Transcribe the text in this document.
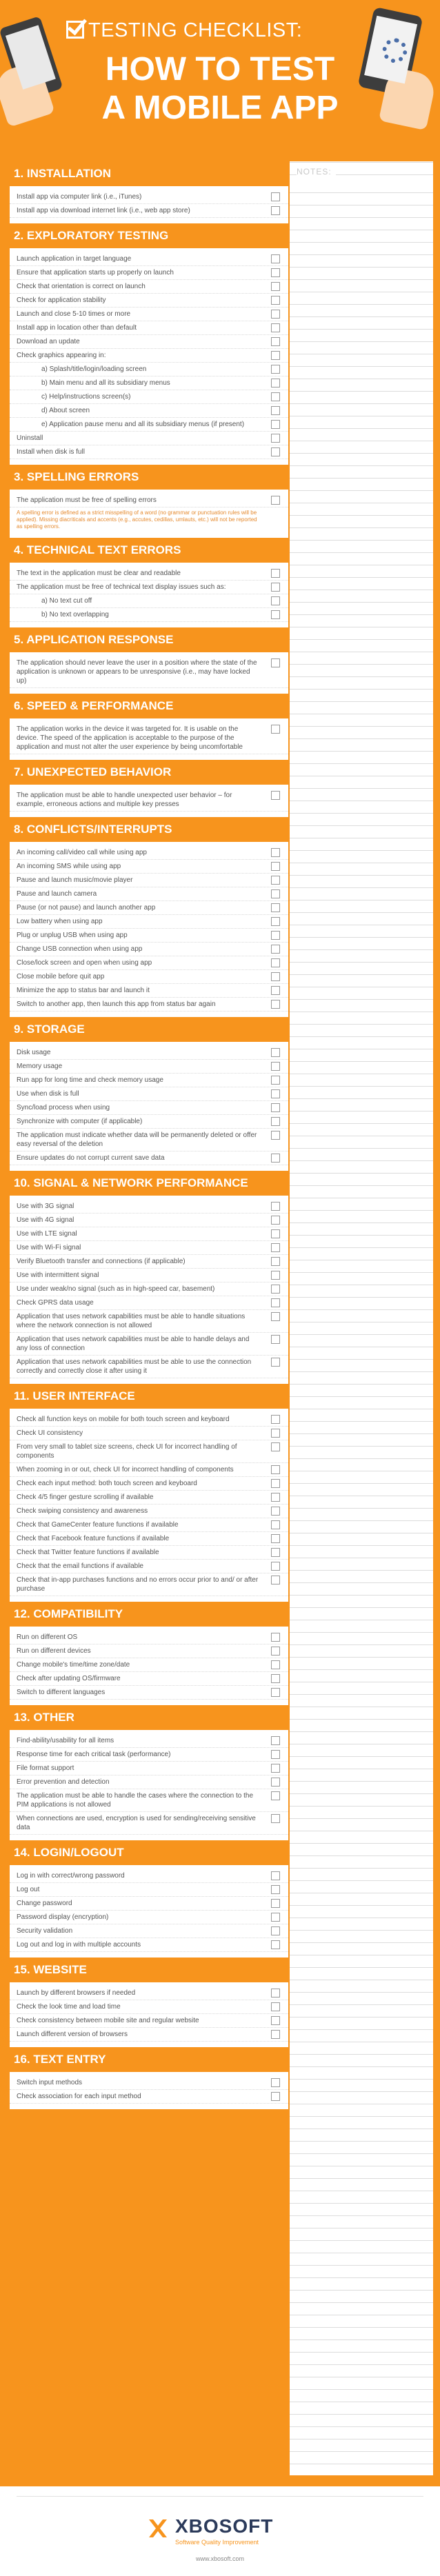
TESTING CHECKLIST:
HOW TO TEST
A MOBILE APP
1. INSTALLATION
Install app via computer link (i.e., iTunes)
Install app via download internet link (i.e., web app store)
2. EXPLORATORY TESTING
Launch application in target language
Ensure that application starts up properly on launch
Check that orientation is correct on launch
Check for application stability
Launch and close 5-10 times or more
Install app in location other than default
Download an update
Check graphics appearing in:
a) Splash/title/login/loading screen
b) Main menu and all its subsidiary menus
c) Help/instructions screen(s)
d) About screen
e) Application pause menu and all its subsidiary menus (if present)
Uninstall
Install when disk is full
3. SPELLING ERRORS
The application must be free of spelling errors
A spelling error is defined as a strict misspelling of a word (no grammar or punctuation rules will be applied). Missing diacriticals and accents (e.g., accutes, cedillas, umlauts, etc.) will not be reported as spelling errors.
4. TECHNICAL TEXT ERRORS
The text in the application must be clear and readable
The application must be free of technical text display issues such as:
a) No text cut off
b) No text overlapping
5. APPLICATION RESPONSE
The application should never leave the user in a position where the state of the application is unknown or appears to be unresponsive (i.e., may have locked up)
6. SPEED & PERFORMANCE
The application works in the device it was targeted for. It is usable on the device. The speed of the application is acceptable to the purpose of the application and must not alter the user experience by being uncomfortable
7. UNEXPECTED BEHAVIOR
The application must be able to handle unexpected user behavior – for example, erroneous actions and multiple key presses
8. CONFLICTS/INTERRUPTS
An incoming call/video call while using app
An incoming SMS while using app
Pause and launch music/movie player
Pause and launch camera
Pause (or not pause) and launch another app
Low battery when using app
Plug or unplug USB when using app
Change USB connection when using app
Close/lock screen and open when using app
Close mobile before quit app
Minimize the app to status bar and launch it
Switch to another app, then launch this app from status bar again
9. STORAGE
Disk usage
Memory usage
Run app for long time and check memory usage
Use when disk is full
Sync/load process when using
Synchronize with computer (if applicable)
The application must indicate whether data will be permanently deleted or offer easy reversal of the deletion
Ensure updates do not corrupt current save data
10. SIGNAL & NETWORK PERFORMANCE
Use with 3G signal
Use with 4G signal
Use with LTE signal
Use with Wi-Fi signal
Verify Bluetooth transfer and connections (if applicable)
Use with intermittent signal
Use under weak/no signal (such as in high-speed car, basement)
Check GPRS data usage
Application that uses network capabilities must be able to handle situations where the network connection is not allowed
Application that uses network capabilities must be able to handle delays and any loss of connection
Application that uses network capabilities must be able to use the connection correctly and correctly close it after using it
11. USER INTERFACE
Check all function keys on mobile for both touch screen and keyboard
Check UI consistency
From very small to tablet size screens, check UI for incorrect handling of components
When zooming in or out, check UI for incorrect handling of components
Check each input method: both touch screen and keyboard
Check 4/5 finger gesture scrolling if available
Check swiping consistency and awareness
Check that GameCenter feature functions if available
Check that Facebook feature functions if available
Check that Twitter feature functions if available
Check that the email functions if available
Check that in-app purchases functions and no errors occur prior to and/ or after purchase
12. COMPATIBILITY
Run on different OS
Run on different devices
Change mobile's time/time zone/date
Check after updating OS/firmware
Switch to different languages
13. OTHER
Find-ability/usability for all items
Response time for each critical task (performance)
File format support
Error prevention and detection
The application must be able to handle the cases where the connection to the PIM applications is not allowed
When connections are used, encryption is used for sending/receiving sensitive data
14. LOGIN/LOGOUT
Log in with correct/wrong password
Log out
Change password
Password display (encryption)
Security validation
Log out and log in with multiple accounts
15. WEBSITE
Launch by different browsers if needed
Check the look time and load time
Check consistency between mobile site and regular website
Launch different version of browsers
16. TEXT ENTRY
Switch input methods
Check association for each input method
NOTES:
XBOSOFT
Software Quality Improvement
www.xbosoft.com
